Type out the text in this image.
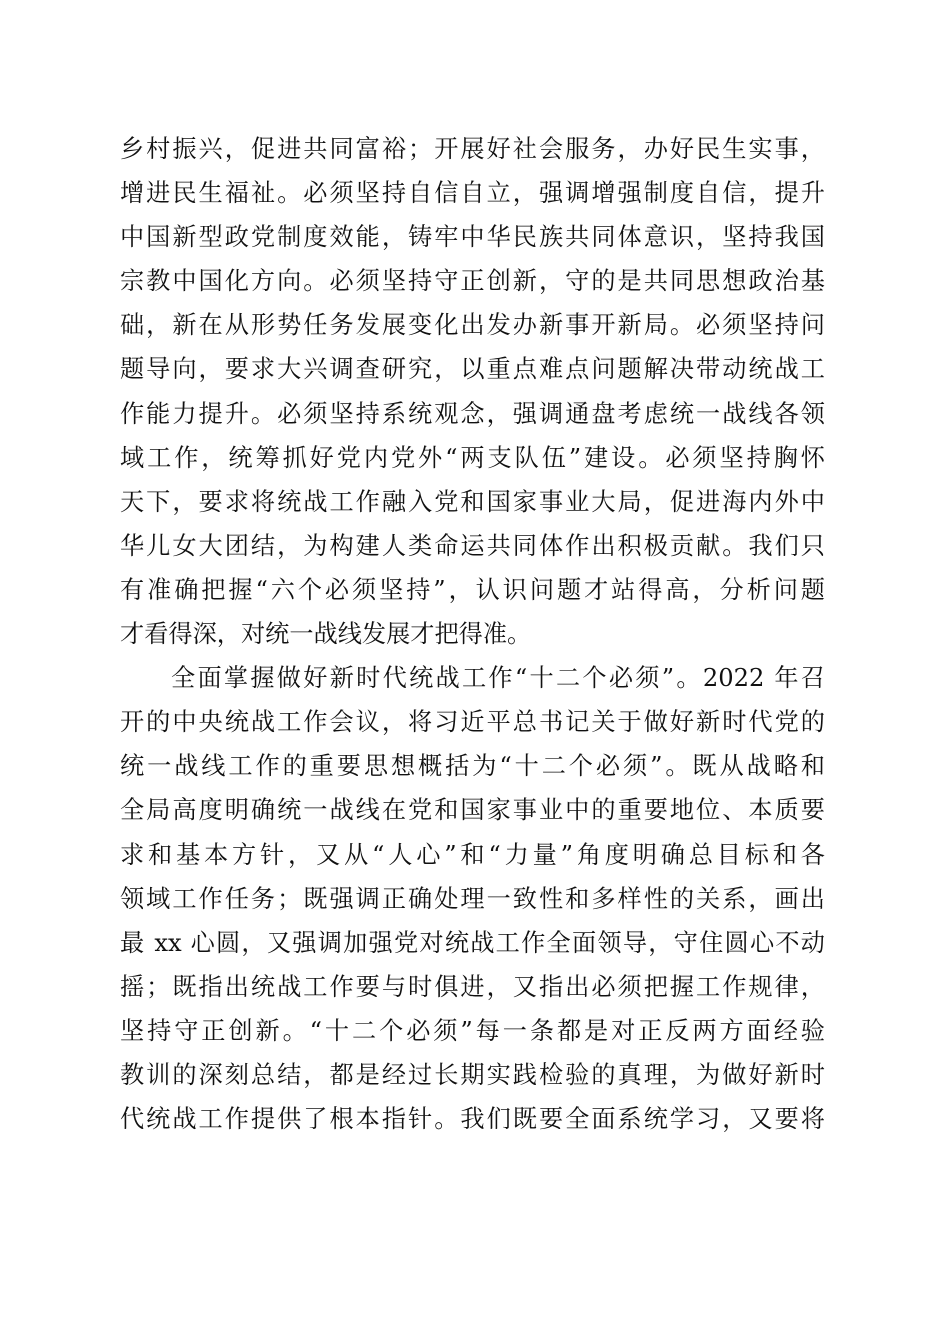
乡村振兴，促进共同富裕；开展好社会服务，办好民生实事，
增进民生福祉。必须坚持自信自立，强调增强制度自信，提升
中国新型政党制度效能，铸牢中华民族共同体意识，坚持我国
宗教中国化方向。必须坚持守正创新，守的是共同思想政治基
础，新在从形势任务发展变化出发办新事开新局。必须坚持问
题导向，要求大兴调查研究，以重点难点问题解决带动统战工
作能力提升。必须坚持系统观念，强调通盘考虑统一战线各领
域工作，统筹抓好党内党外“两支队伍”建设。必须坚持胸怀
天下，要求将统战工作融入党和国家事业大局，促进海内外中
华儿女大团结，为构建人类命运共同体作出积极贡献。我们只
有准确把握“六个必须坚持”，认识问题才站得高，分析问题
才看得深，对统一战线发展才把得准。
全面掌握做好新时代统战工作“十二个必须”。2022 年召
开的中央统战工作会议，将习近平总书记关于做好新时代党的
统一战线工作的重要思想概括为“十二个必须”。既从战略和
全局高度明确统一战线在党和国家事业中的重要地位、本质要
求和基本方针，又从“人心”和“力量”角度明确总目标和各
领域工作任务；既强调正确处理一致性和多样性的关系，画出
最 xx 心圆，又强调加强党对统战工作全面领导，守住圆心不动
摇；既指出统战工作要与时俱进，又指出必须把握工作规律，
坚持守正创新。“十二个必须”每一条都是对正反两方面经验
教训的深刻总结，都是经过长期实践检验的真理，为做好新时
代统战工作提供了根本指针。我们既要全面系统学习，又要将
